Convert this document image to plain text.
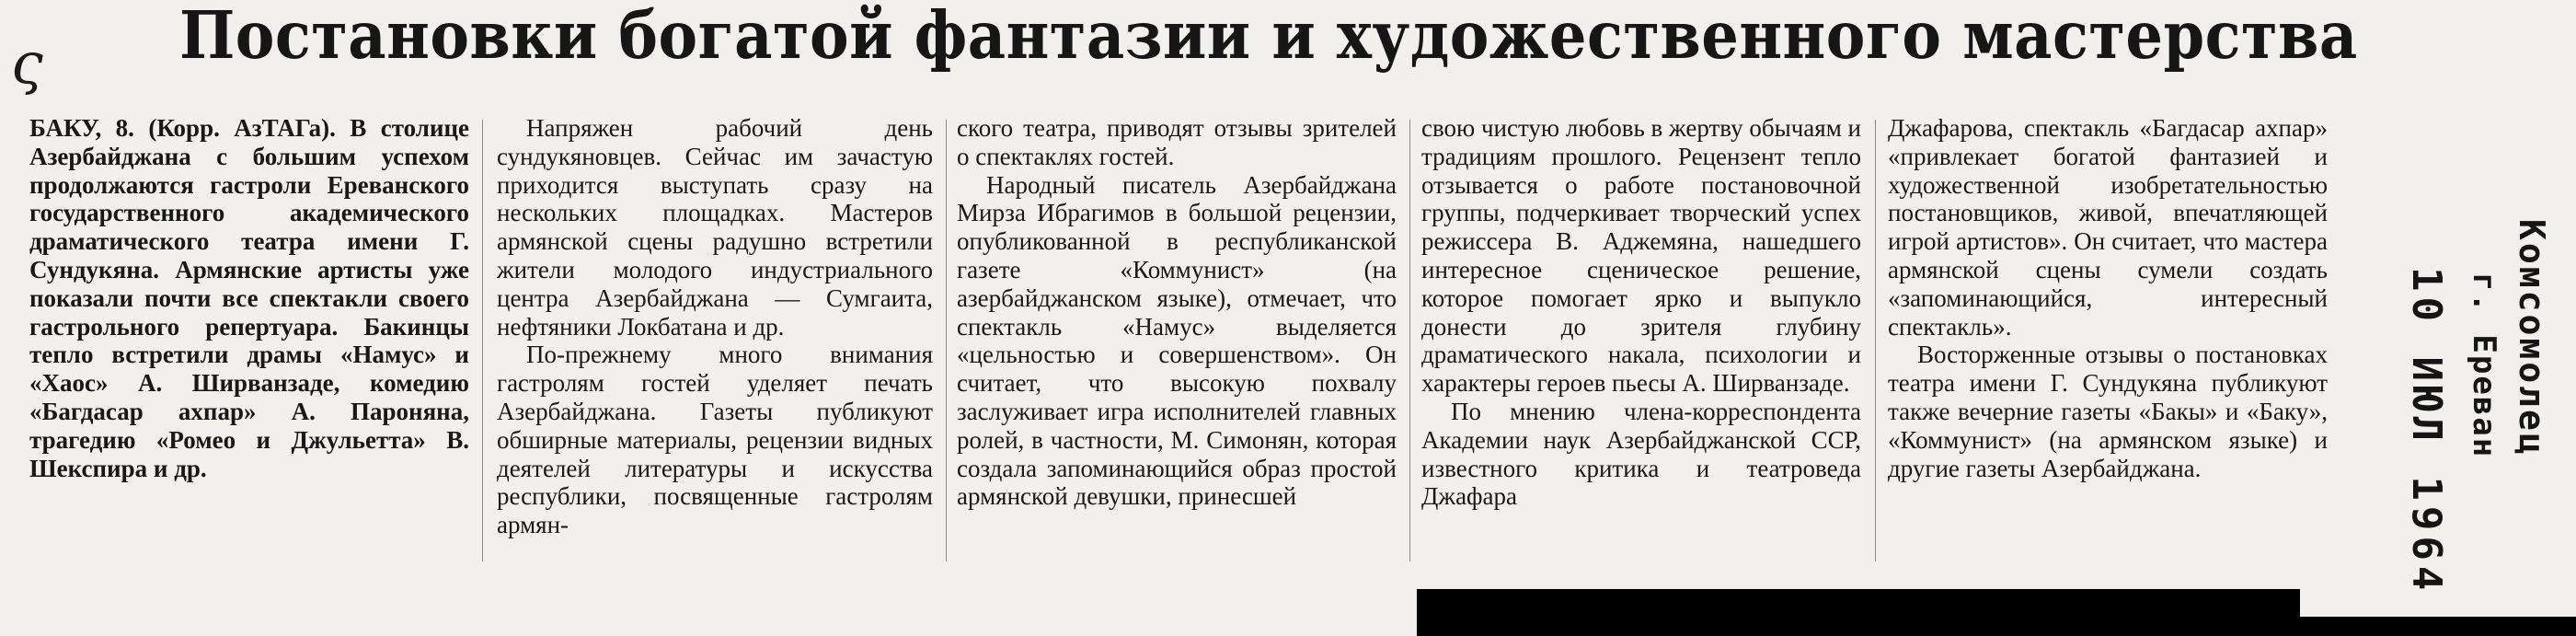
ς Постановки богатой фантазии и художественного мастерства

БАКУ, 8. (Корр. АзТАГа). В столице Азербайджана с большим успехом продолжаются гастроли Ереванского государственного академического драматического театра имени Г. Сундукяна. Армянские артисты уже показали почти все спектакли своего гастрольного репертуара. Бакинцы тепло встретили драмы «Намус» и «Хаос» А. Ширванзаде, комедию «Багдасар ахпар» А. Пароняна, трагедию «Ромео и Джульетта» В. Шекспира и др.

Напряжен рабочий день сундукяновцев. Сейчас им зачастую приходится выступать сразу на нескольких площадках. Мастеров армянской сцены радушно встретили жители молодого индустриального центра Азербайджана — Сумгаита, нефтяники Локбатана и др.

По-прежнему много внимания гастролям гостей уделяет печать Азербайджана. Газеты публикуют обширные материалы, рецензии видных деятелей литературы и искусства республики, посвященные гастролям армян-

ского театра, приводят отзывы зрителей о спектаклях гостей.

Народный писатель Азербайджана Мирза Ибрагимов в большой рецензии, опубликованной в республиканской газете «Коммунист» (на азербайджанском языке), отмечает, что спектакль «Намус» выделяется «цельностью и совершенством». Он считает, что высокую похвалу заслуживает игра исполнителей главных ролей, в частности, М. Симонян, которая создала запоминающийся образ простой армянской девушки, принесшей

свою чистую любовь в жертву обычаям и традициям прошлого. Рецензент тепло отзывается о работе постановочной группы, подчеркивает творческий успех режиссера В. Аджемяна, нашедшего интересное сценическое решение, которое помогает ярко и выпукло донести до зрителя глубину драматического накала, психологии и характеры героев пьесы А. Ширванзаде.

По мнению члена-корреспондента Академии наук Азербайджанской ССР, известного критика и театроведа Джафара

Джафарова, спектакль «Багдасар ахпар» «привлекает богатой фантазией и художественной изобретательностью постановщиков, живой, впечатляющей игрой артистов». Он считает, что мастера армянской сцены сумели создать «запоминающийся, интересный спектакль».

Восторженные отзывы о постановках театра имени Г. Сундукяна публикуют также вечерние газеты «Бакы» и «Баку», «Коммунист» (на армянском языке) и другие газеты Азербайджана.

Комсомолец
г. Ереван
10 ИЮЛ 1964
